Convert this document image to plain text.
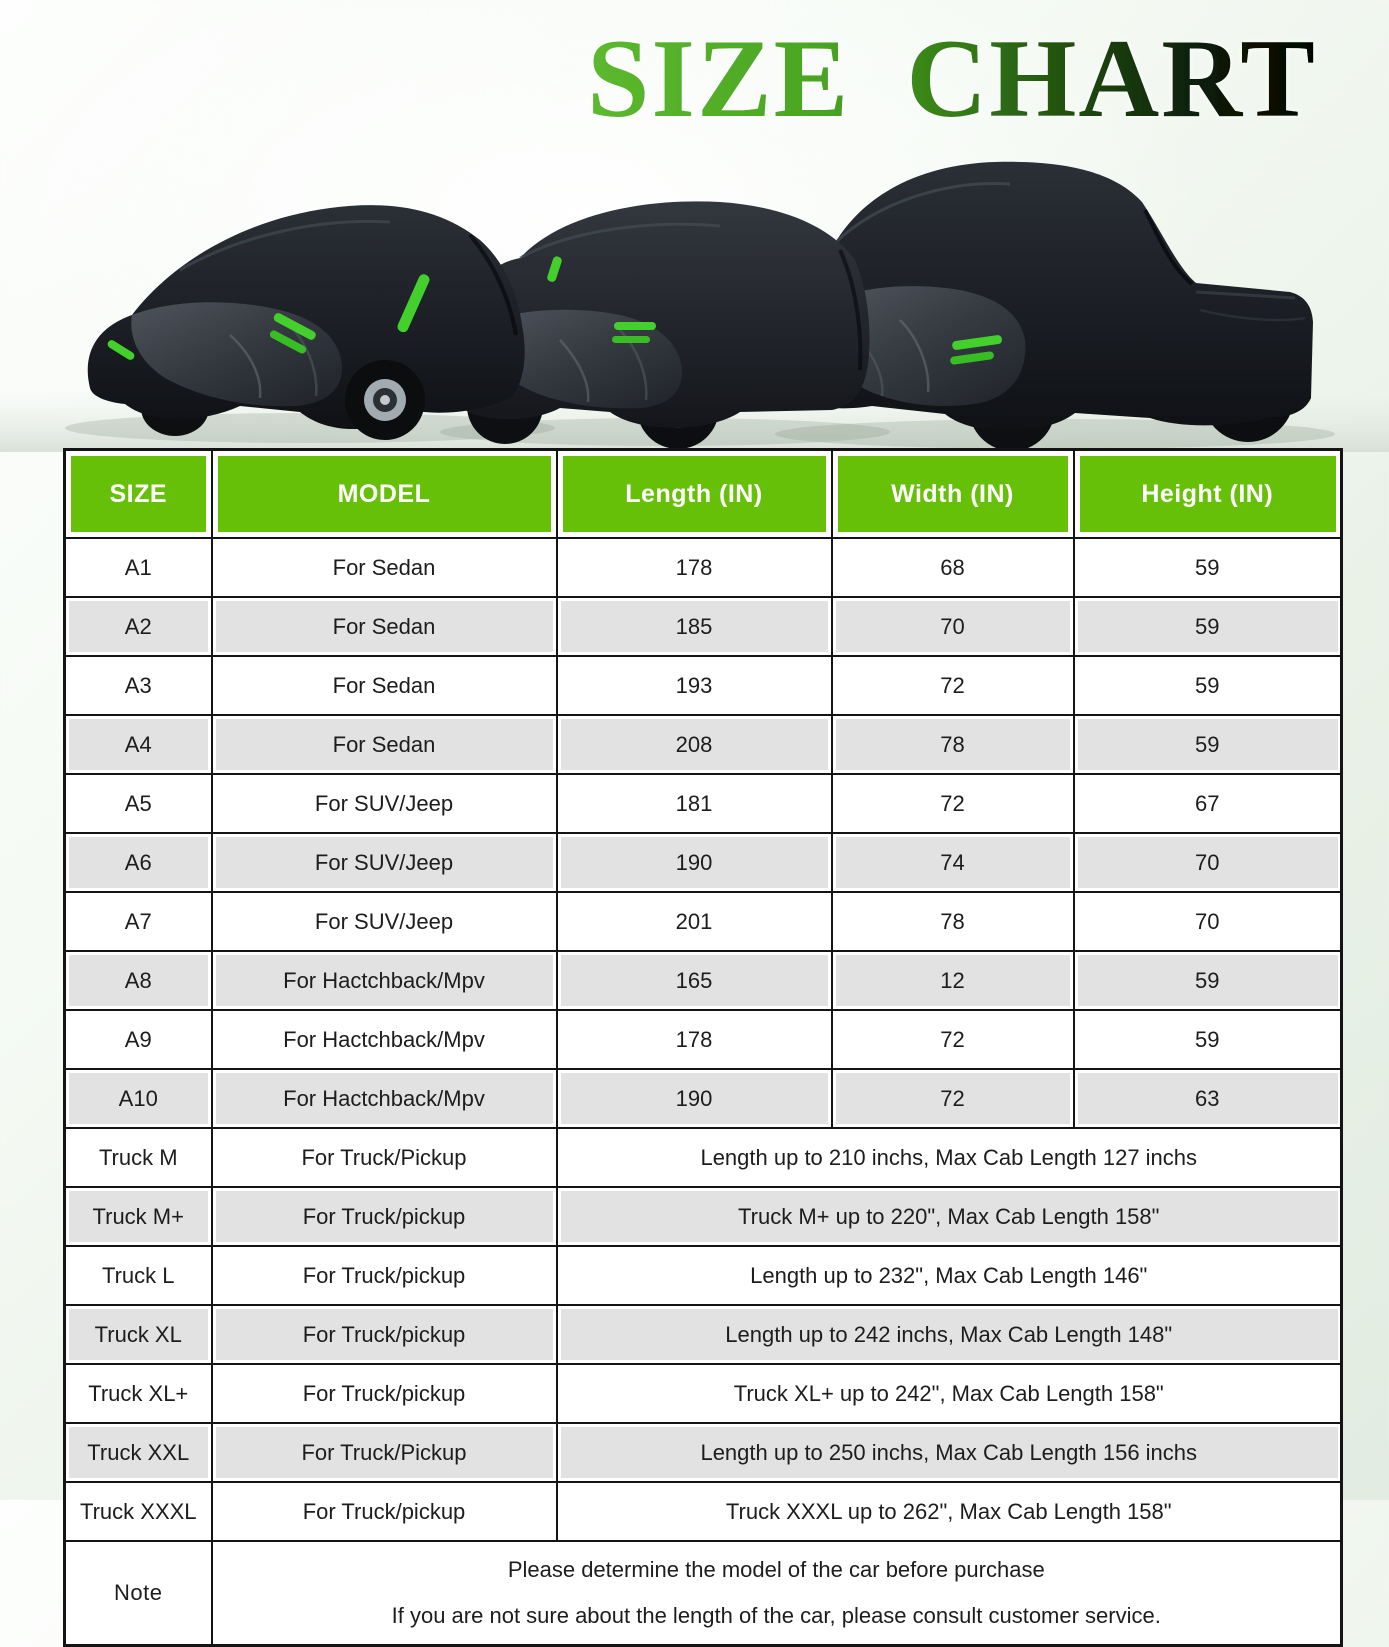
SIZE CHART
SIZE	MODEL	Length (IN)	Width (IN)	Height (IN)
A1	For Sedan	178	68	59
A2	For Sedan	185	70	59
A3	For Sedan	193	72	59
A4	For Sedan	208	78	59
A5	For SUV/Jeep	181	72	67
A6	For SUV/Jeep	190	74	70
A7	For SUV/Jeep	201	78	70
A8	For Hactchback/Mpv	165	12	59
A9	For Hactchback/Mpv	178	72	59
A10	For Hactchback/Mpv	190	72	63
Truck M	For Truck/Pickup	Length up to 210 inchs, Max Cab Length 127 inchs		
Truck M+	For Truck/pickup	Truck M+ up to 220", Max Cab Length 158"		
Truck L	For Truck/pickup	Length up to 232", Max Cab Length 146"		
Truck XL	For Truck/pickup	Length up to 242 inchs, Max Cab Length 148"		
Truck XL+	For Truck/pickup	Truck XL+ up to 242", Max Cab Length 158"		
Truck XXL	For Truck/Pickup	Length up to 250 inchs, Max Cab Length 156 inchs		
Truck XXXL	For Truck/pickup	Truck XXXL up to 262", Max Cab Length 158"		
Note	Please determine the model of the car before purchase
If you are not sure about the length of the car, please consult customer service.			
